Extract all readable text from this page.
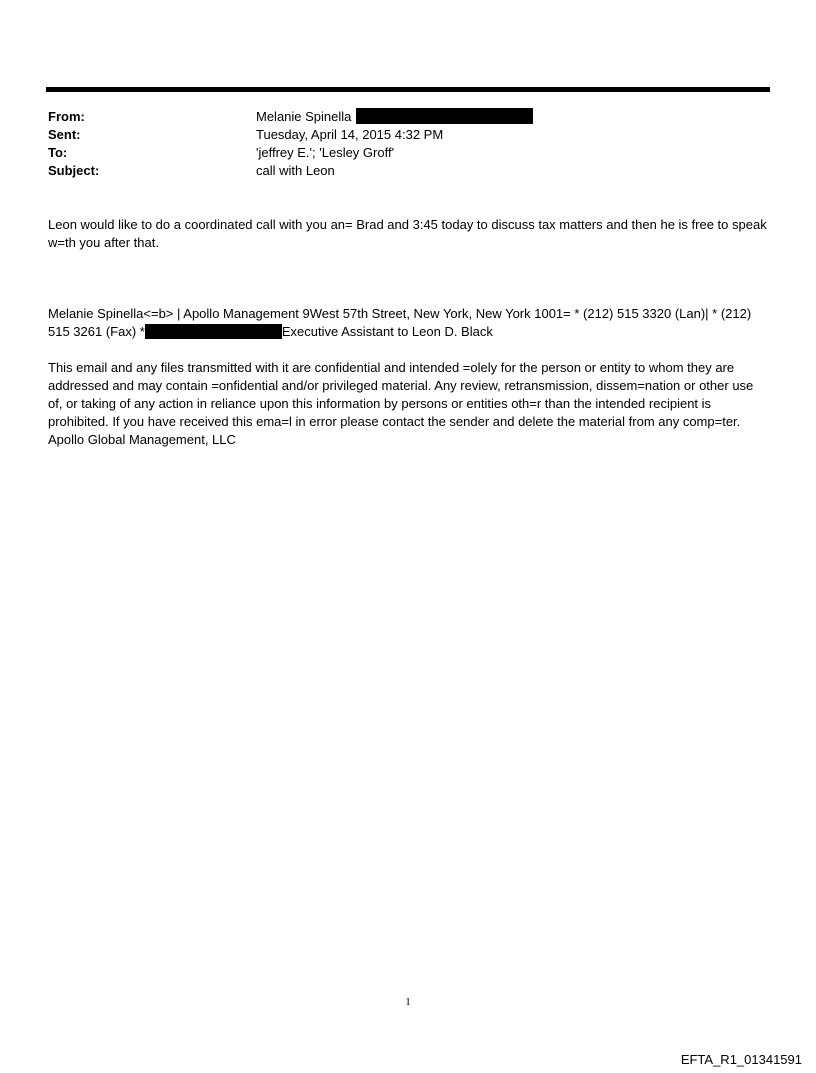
From:	Melanie Spinella
Sent:	Tuesday, April 14, 2015 4:32 PM
To:	'jeffrey E.'; 'Lesley Groff'
Subject:	call with Leon
Leon would like to do a coordinated call with you an= Brad and 3:45 today to discuss tax matters and then he is free to speak w=th you after that.
Melanie Spinella<=b> | Apollo Management 9West 57th Street, New York, New York 1001= * (212) 515 3320 (Lan)| * (212) 515 3261 (Fax) *	Executive Assistant to Leon D. Black
This email and any files transmitted with it are confidential and intended =olely for the person or entity to whom they are addressed and may contain =onfidential and/or privileged material. Any review, retransmission, dissem=nation or other use of, or taking of any action in reliance upon this information by persons or entities oth=r than the intended recipient is prohibited. If you have received this ema=l in error please contact the sender and delete the material from any comp=ter. Apollo Global Management, LLC
1
EFTA_R1_01341591
